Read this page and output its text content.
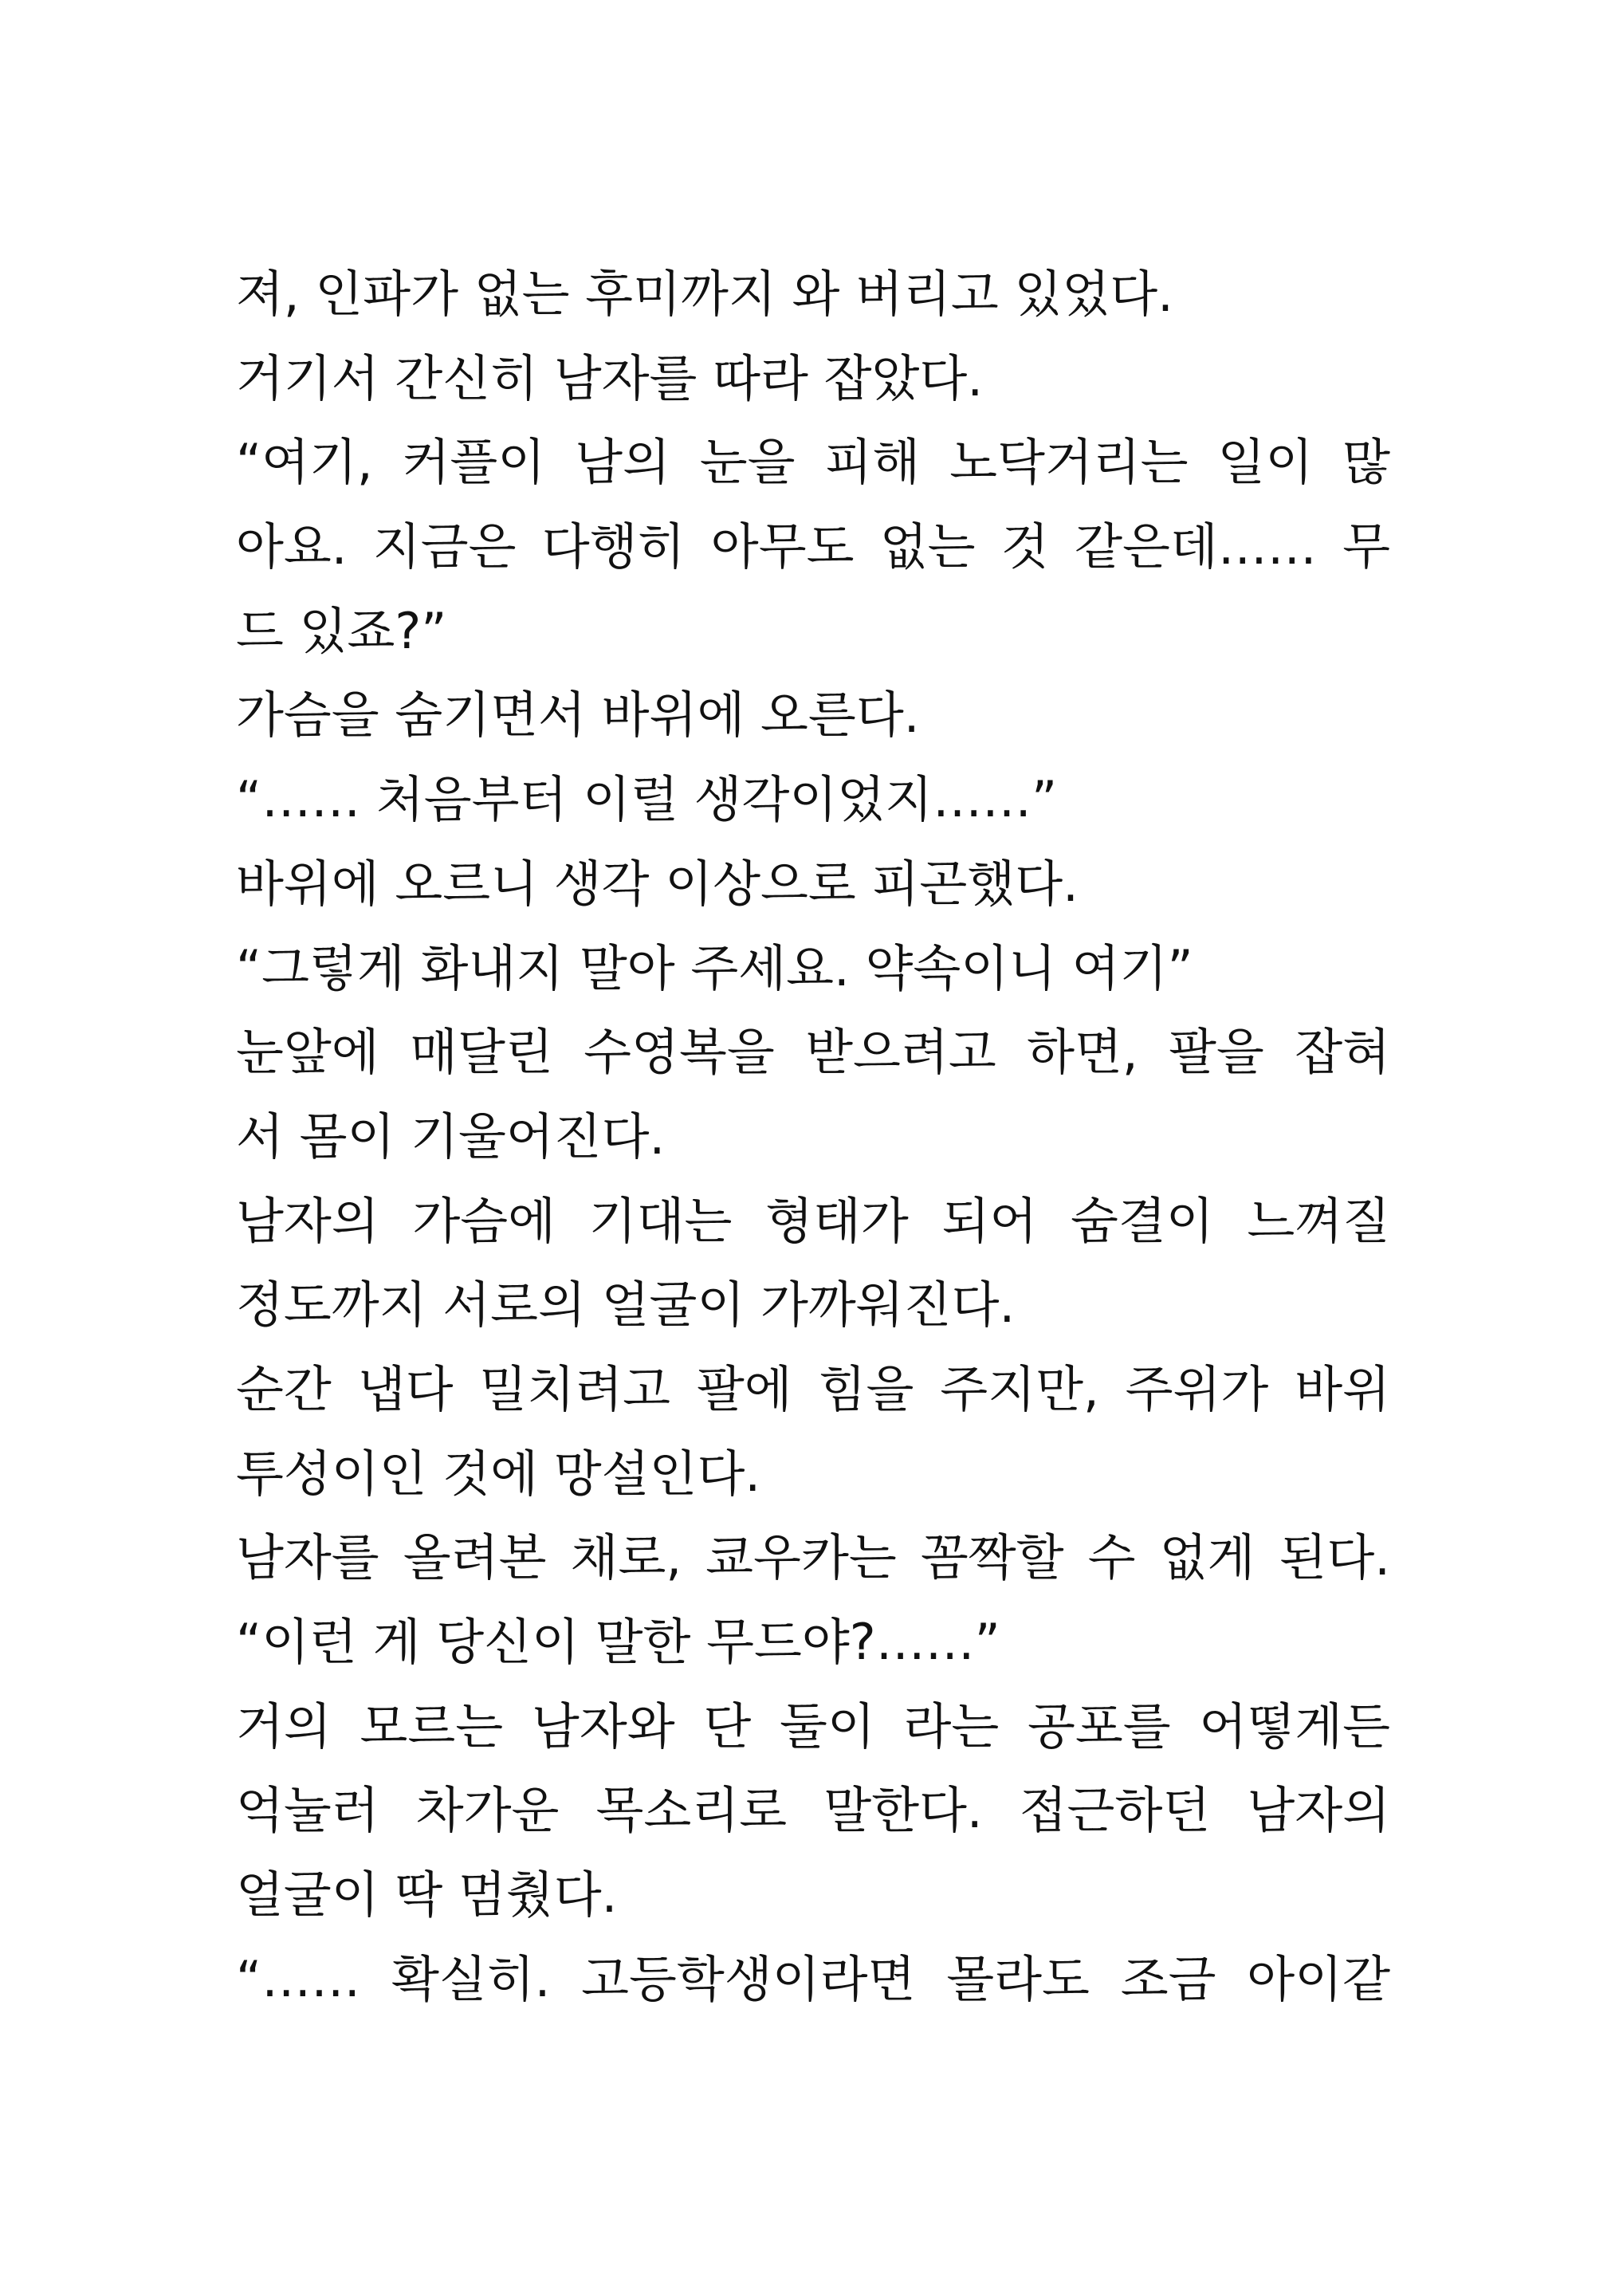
져, 인파가 없는 후미까지 와 버리고 있었다.
거기서 간신히 남자를 따라 잡았다.
“여기, 커플이 남의 눈을 피해 노닥거리는 일이 많
아요. 지금은 다행히 아무도 없는 것 같은데…… 무
드 있죠?”
가슴을 숨기면서 바위에 오른다.
“…… 처음부터 이럴 생각이었지……”
바위에 오르니 생각 이상으로 피곤했다.
“그렇게 화내지 말아 주세요. 약속이니 여기”
눈앞에 매달린 수영복을 받으려고 하면, 팔을 잡혀
서 몸이 기울어진다.
남자의 가슴에 기대는 형태가 되어 숨결이 느껴질
정도까지 서로의 얼굴이 가까워진다.
순간 냅다 밀치려고 팔에 힘을 주지만, 주위가 바위
투성이인 것에 망설인다.
남자를 올려본 채로, 쿄우카는 꼼짝할 수 없게 된다.
“이런 게 당신이 말한 무드야?……”
거의 모르는 남자와 단 둘이 라는 공포를 어떻게든
억눌러 차가운 목소리로 말한다. 접근하던 남자의
얼굴이 딱 멈췄다.
“…… 확실히. 고등학생이라면 몰라도 조금 아이같
